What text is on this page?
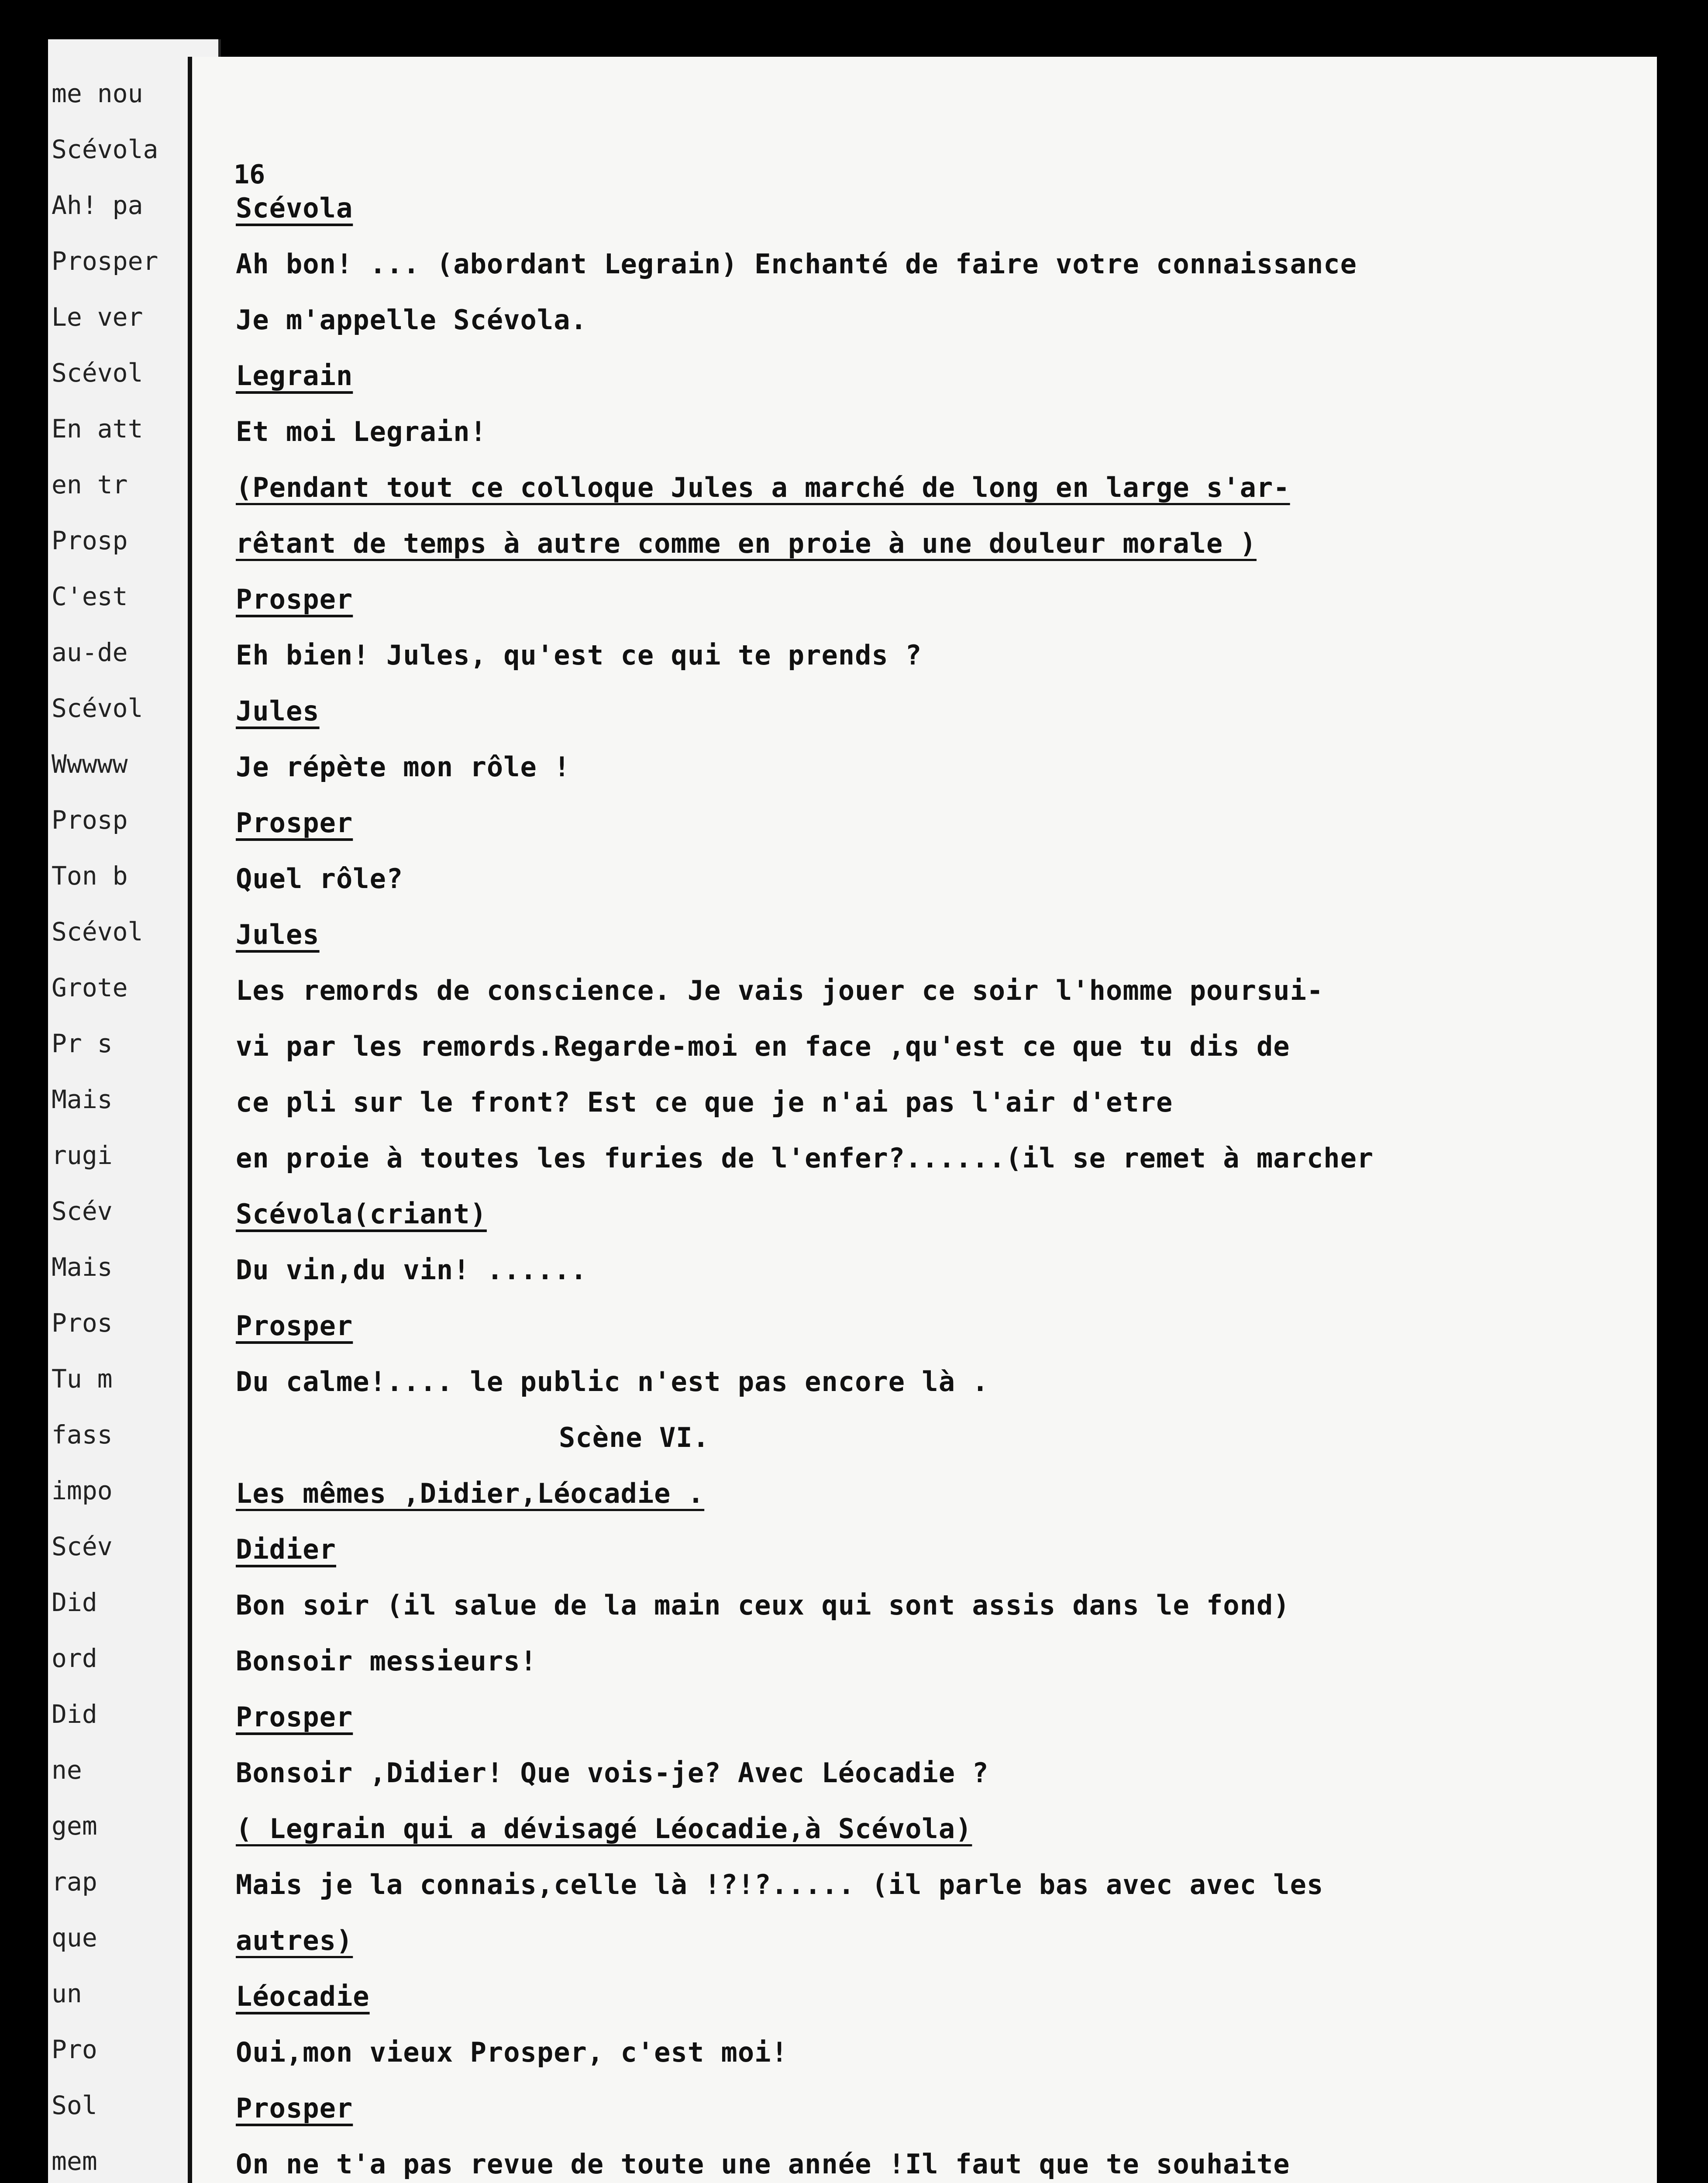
me nou
Scévola
Ah! pa
Prosper
Le ver
Scévol
En att
en tr
Prosp
C'est
au-de
Scévol
Wwwww
Prosp
Ton b
Scévol
Grote
Pr s
Mais
rugi
Scév
Mais
Pros
Tu m
fass
impo
Scév
Did
ord
Did
ne
gem
rap
que
un
Pro
Sol
mem

16
Scévola
Ah bon! ... (abordant Legrain) Enchanté de faire votre connaissance
Je m'appelle Scévola.
Legrain
Et moi Legrain!
(Pendant tout ce colloque Jules a marché de long en large s'ar-
rêtant de temps à autre comme en proie à une douleur morale )
Prosper
Eh bien! Jules, qu'est ce qui te prends ?
Jules
Je répète mon rôle !
Prosper
Quel rôle?
Jules
Les remords de conscience. Je vais jouer ce soir l'homme poursui-
vi par les remords.Regarde-moi en face ,qu'est ce que tu dis de
ce pli sur le front? Est ce que je n'ai pas l'air d'etre
en proie à toutes les furies de l'enfer?......(il se remet à marcher
Scévola(criant)
Du vin,du vin! ......
Prosper
Du calme!.... le public n'est pas encore là .
Scène VI.
Les mêmes ,Didier,Léocadie .
Didier
Bon soir (il salue de la main ceux qui sont assis dans le fond)
Bonsoir messieurs!
Prosper
Bonsoir ,Didier! Que vois-je? Avec Léocadie ?
( Legrain qui a dévisagé Léocadie,à Scévola)
Mais je la connais,celle là !?!?..... (il parle bas avec avec les
autres)
Léocadie
Oui,mon vieux Prosper, c'est moi!
Prosper
On ne t'a pas revue de toute une année !Il faut que te souhaite
